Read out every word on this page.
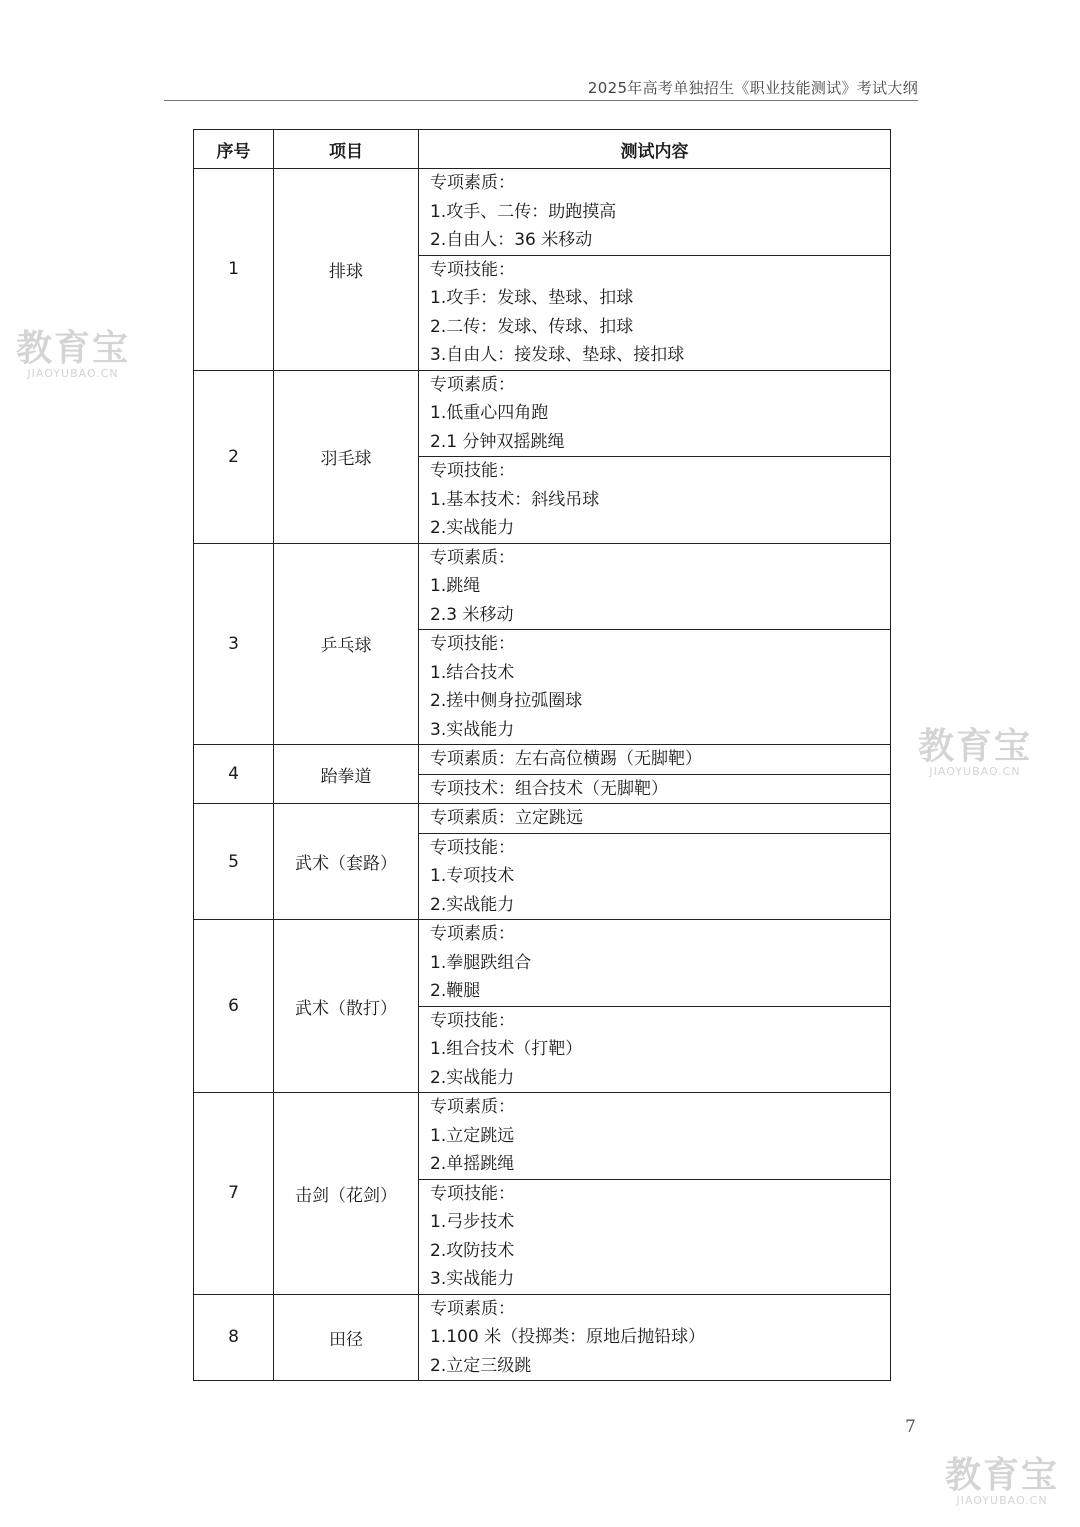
2025年高考单独招生《职业技能测试》考试大纲
序号	项目	测试内容
1	排球	专项素质：
1.攻手、二传：助跑摸高
2.自由人：36 米移动

		专项技能：
1.攻手：发球、垫球、扣球
2.二传：发球、传球、扣球
3.自由人：接发球、垫球、接扣球

2	羽毛球	专项素质：
1.低重心四角跑
2.1 分钟双摇跳绳

		专项技能：
1.基本技术：斜线吊球
2.实战能力

3	乒乓球	专项素质：
1.跳绳
2.3 米移动

		专项技能：
1.结合技术
2.搓中侧身拉弧圈球
3.实战能力

4	跆拳道	专项素质：左右高位横踢（无脚靶）

		专项技术：组合技术（无脚靶）

5	武术（套路）	专项素质：立定跳远

		专项技能：
1.专项技术
2.实战能力

6	武术（散打）	专项素质：
1.拳腿跌组合
2.鞭腿

		专项技能：
1.组合技术（打靶）
2.实战能力

7	击剑（花剑）	专项素质：
1.立定跳远
2.单摇跳绳

		专项技能：
1.弓步技术
2.攻防技术
3.实战能力

8	田径	专项素质：
1.100 米（投掷类：原地后抛铅球）
2.立定三级跳
7
教育宝
JIAOYUBAO.CN
教育宝
JIAOYUBAO.CN
教育宝
JIAOYUBAO.CN
